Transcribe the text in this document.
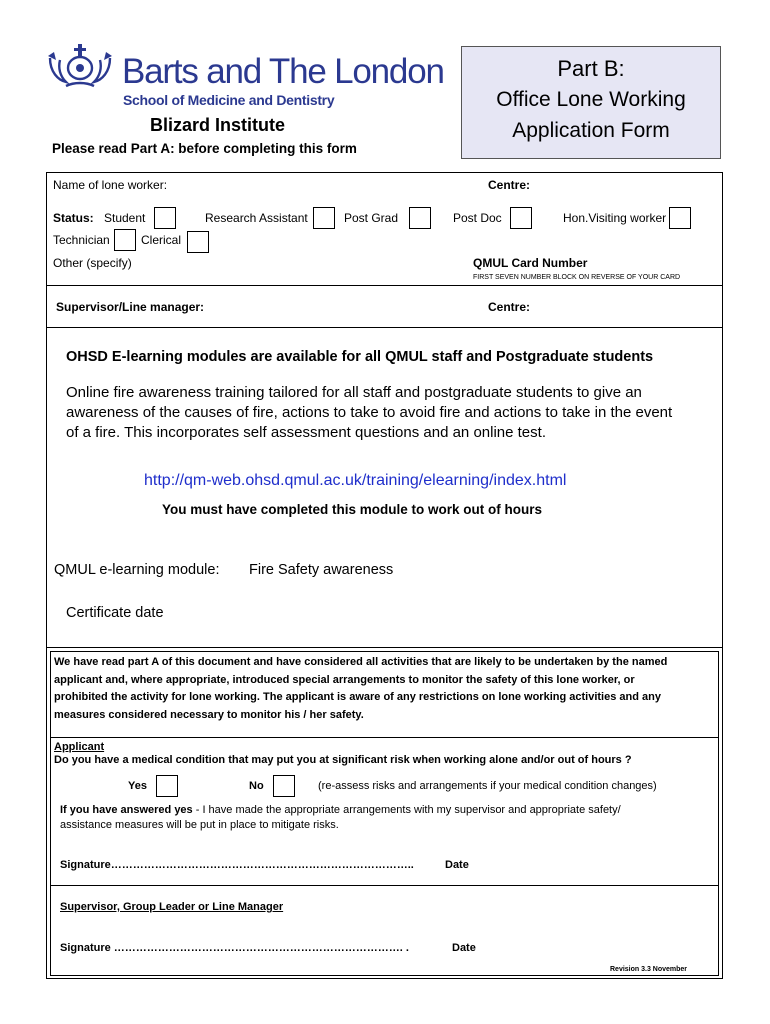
Barts and The London
School of Medicine and Dentistry
Blizard Institute
Please read Part A: before completing this form
Part B:
Office Lone Working
Application Form
Name of lone worker:	Centre:
Status: Student	Research Assistant	Post Grad	Post Doc	Hon.Visiting worker
Technician	Clerical
Other (specify)	QMUL Card Number
FIRST SEVEN NUMBER BLOCK ON REVERSE OF YOUR CARD
Supervisor/Line manager:	Centre:
OHSD E-learning modules are available for all QMUL staff and Postgraduate students
Online fire awareness training tailored for all staff and postgraduate students to give an
awareness of the causes of fire, actions to take to avoid fire and actions to take in the event
of a fire. This incorporates self assessment questions and an online test.
http://qm-web.ohsd.qmul.ac.uk/training/elearning/index.html
You must have completed this module to work out of hours
QMUL e-learning module: Fire Safety awareness
Certificate date
We have read part A of this document and have considered all activities that are likely to be undertaken by the named
applicant and, where appropriate, introduced special arrangements to monitor the safety of this lone worker, or
prohibited the activity for lone working. The applicant is aware of any restrictions on lone working activities and any
measures considered necessary to monitor his / her safety.
Applicant
Do you have a medical condition that may put you at significant risk when working alone and/or out of hours ?
Yes	No	(re-assess risks and arrangements if your medical condition changes)
If you have answered yes - I have made the appropriate arrangements with my supervisor and appropriate safety/
assistance measures will be put in place to mitigate risks.
Signature………………………………………………………………………..	Date
Supervisor, Group Leader or Line Manager
Signature ……………………………………………………………………. .	Date
Revision 3.3 November
